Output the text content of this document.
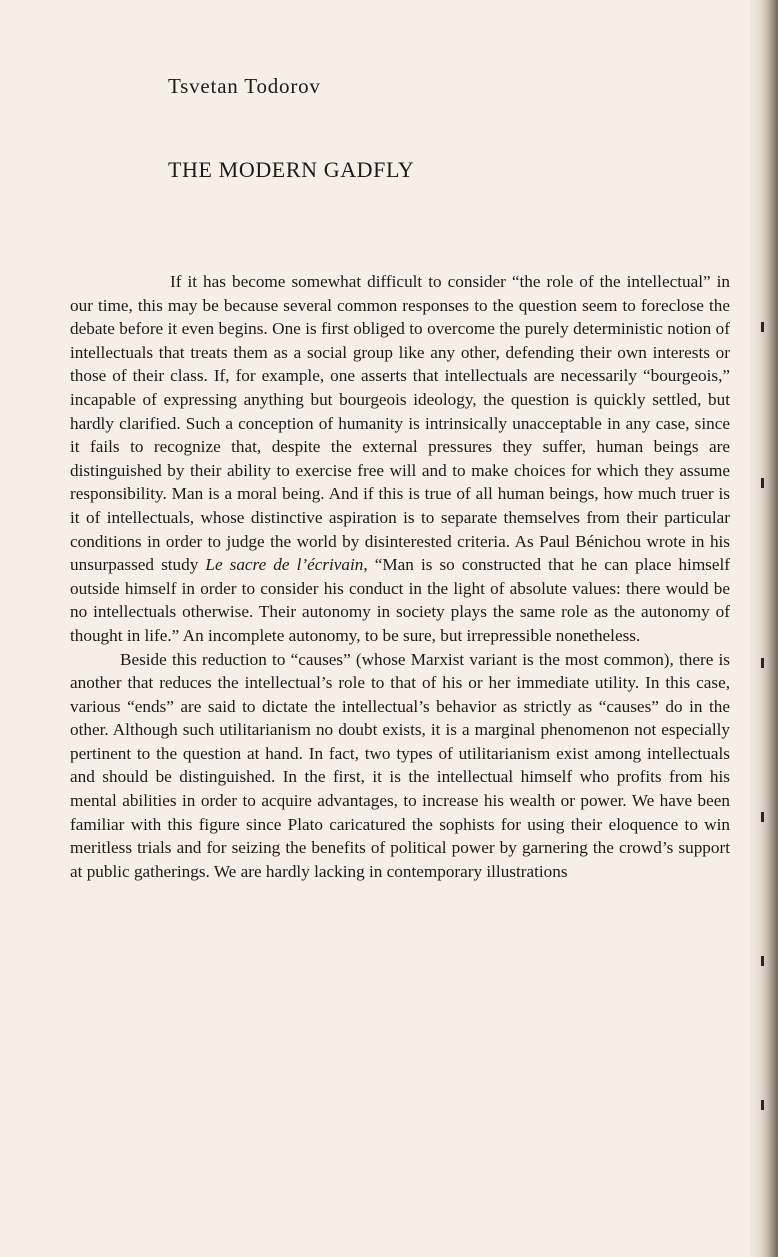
Tsvetan Todorov
THE MODERN GADFLY

If it has become somewhat difficult to consider “the role of the intellectual” in our time, this may be because several common responses to the question seem to foreclose the debate before it even begins. One is first obliged to overcome the purely deterministic notion of intellectuals that treats them as a social group like any other, defending their own interests or those of their class. If, for example, one asserts that intellectuals are necessarily “bourgeois,” incapable of expressing anything but bourgeois ideology, the question is quickly settled, but hardly clarified. Such a conception of humanity is intrinsically unacceptable in any case, since it fails to recognize that, despite the external pressures they suffer, human beings are distinguished by their ability to exercise free will and to make choices for which they assume responsibility. Man is a moral being. And if this is true of all human beings, how much truer is it of intellectuals, whose distinctive aspiration is to separate themselves from their particular conditions in order to judge the world by disinterested criteria. As Paul Bénichou wrote in his unsurpassed study Le sacre de l’écrivain, “Man is so constructed that he can place himself outside himself in order to consider his conduct in the light of absolute values: there would be no intellectuals otherwise. Their autonomy in society plays the same role as the autonomy of thought in life.” An incomplete autonomy, to be sure, but irrepressible nonetheless.

Beside this reduction to “causes” (whose Marxist variant is the most common), there is another that reduces the intellectual’s role to that of his or her immediate utility. In this case, various “ends” are said to dictate the intellectual’s behavior as strictly as “causes” do in the other. Although such utilitarianism no doubt exists, it is a marginal phenomenon not especially pertinent to the question at hand. In fact, two types of utilitarianism exist among intellectuals and should be distinguished. In the first, it is the intellectual himself who profits from his mental abilities in order to acquire advantages, to increase his wealth or power. We have been familiar with this figure since Plato caricatured the sophists for using their eloquence to win meritless trials and for seizing the benefits of political power by garnering the crowd’s support at public gatherings. We are hardly lacking in contemporary illustrations
